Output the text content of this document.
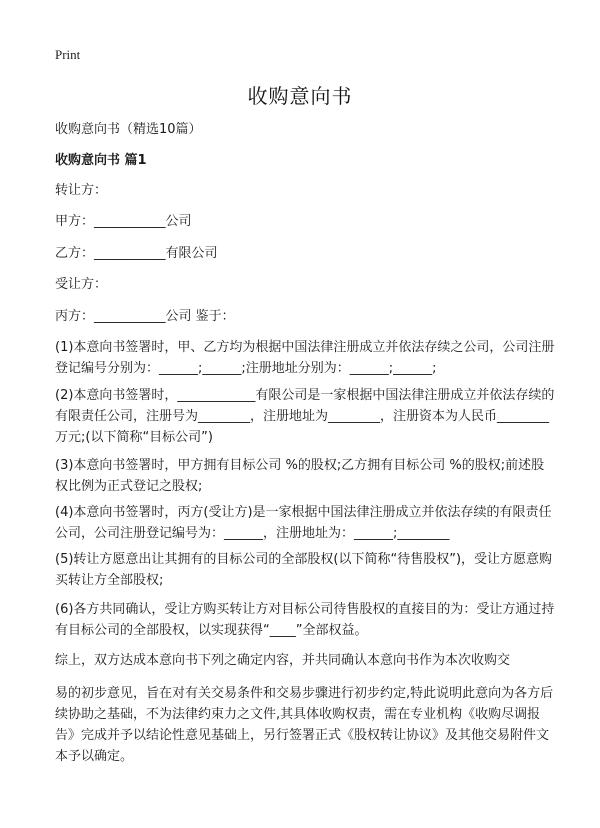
Print
收购意向书
收购意向书（精选10篇）
收购意向书 篇1
转让方：
甲方：___________公司
乙方：___________有限公司
受让方：
丙方：___________公司 鉴于：
(1)本意向书签署时，甲、乙方均为根据中国法律注册成立并依法存续之公司，公司注册登记编号分别为：______;______;注册地址分别为：______;______;
(2)本意向书签署时，____________有限公司是一家根据中国法律注册成立并依法存续的有限责任公司，注册号为________，注册地址为________，注册资本为人民币________万元;(以下简称“目标公司”)
(3)本意向书签署时，甲方拥有目标公司 %的股权;乙方拥有目标公司 %的股权;前述股权比例为正式登记之股权;
(4)本意向书签署时，丙方(受让方)是一家根据中国法律注册成立并依法存续的有限责任公司，公司注册登记编号为：______，注册地址为：______;________
(5)转让方愿意出让其拥有的目标公司的全部股权(以下简称“待售股权”)，受让方愿意购买转让方全部股权;
(6)各方共同确认，受让方购买转让方对目标公司待售股权的直接目的为：受让方通过持有目标公司的全部股权，以实现获得“____”全部权益。
综上，双方达成本意向书下列之确定内容，并共同确认本意向书作为本次收购交
易的初步意见，旨在对有关交易条件和交易步骤进行初步约定,特此说明此意向为各方后续协助之基础，不为法律约束力之文件,其具体收购权责，需在专业机构《收购尽调报告》完成并予以结论性意见基础上，另行签署正式《股权转让协议》及其他交易附件文本予以确定。
